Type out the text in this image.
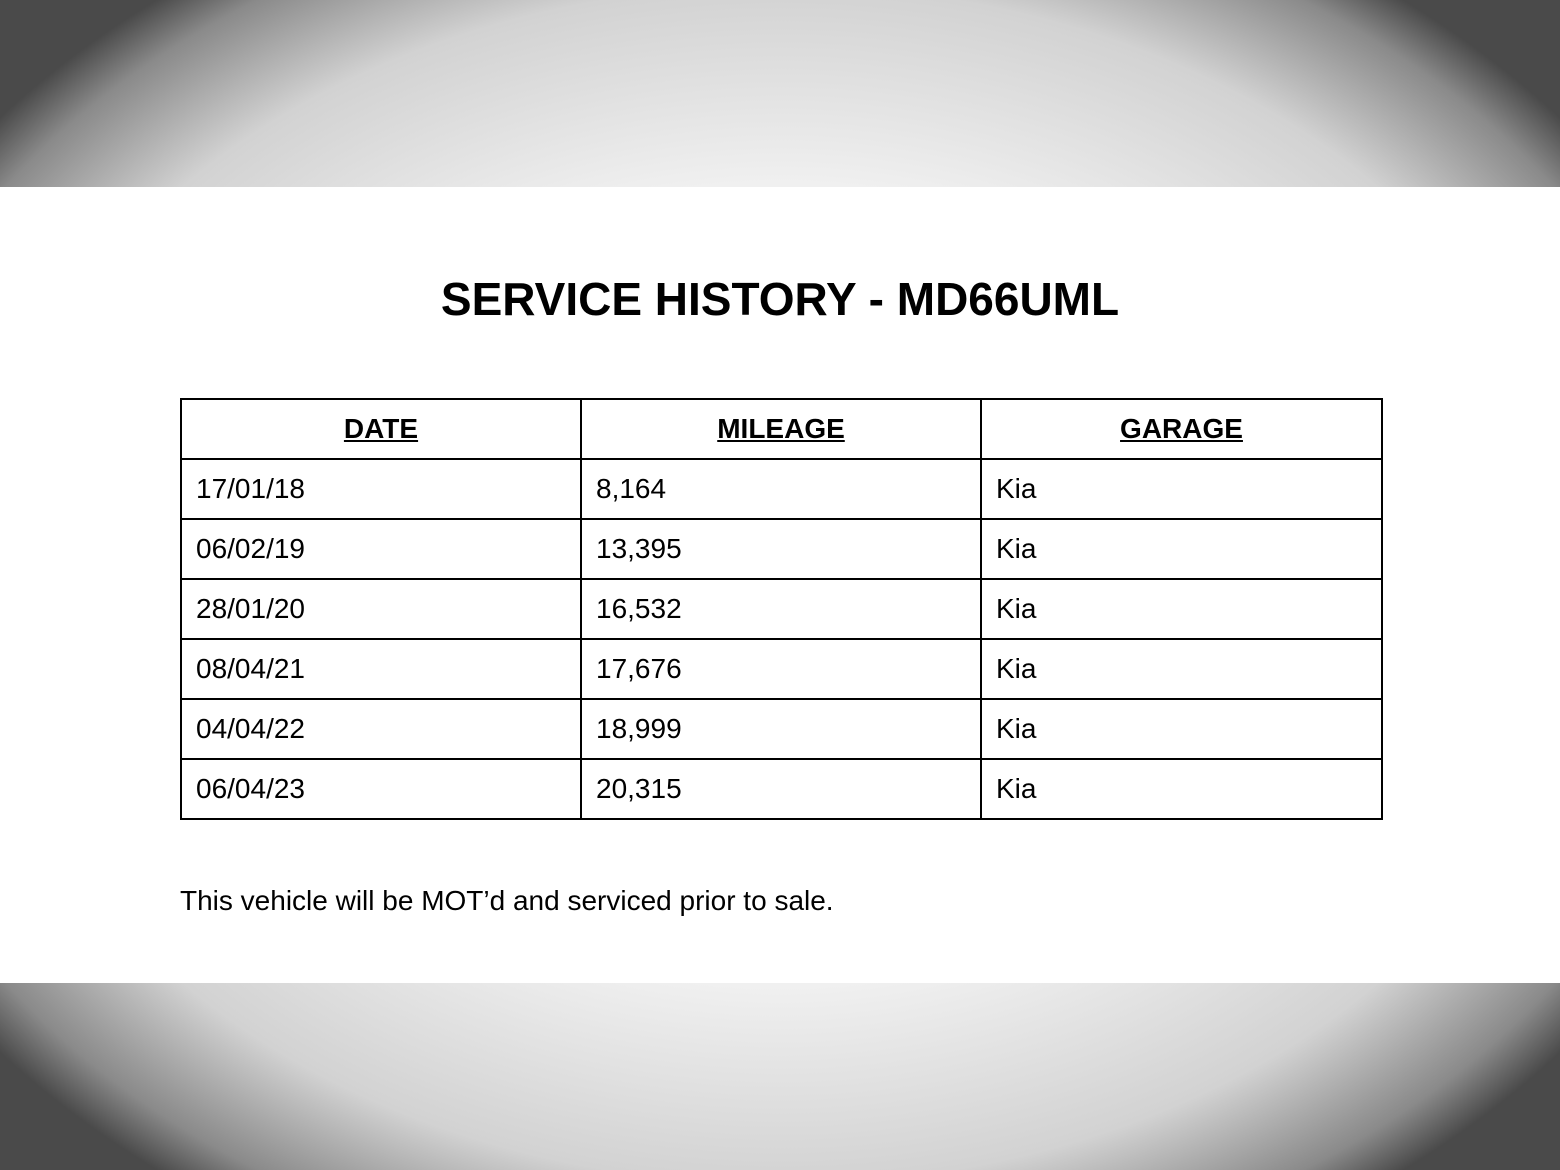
SERVICE HISTORY - MD66UML
DATE	MILEAGE	GARAGE
17/01/18	8,164	Kia
06/02/19	13,395	Kia
28/01/20	16,532	Kia
08/04/21	17,676	Kia
04/04/22	18,999	Kia
06/04/23	20,315	Kia

This vehicle will be MOT’d and serviced prior to sale.
